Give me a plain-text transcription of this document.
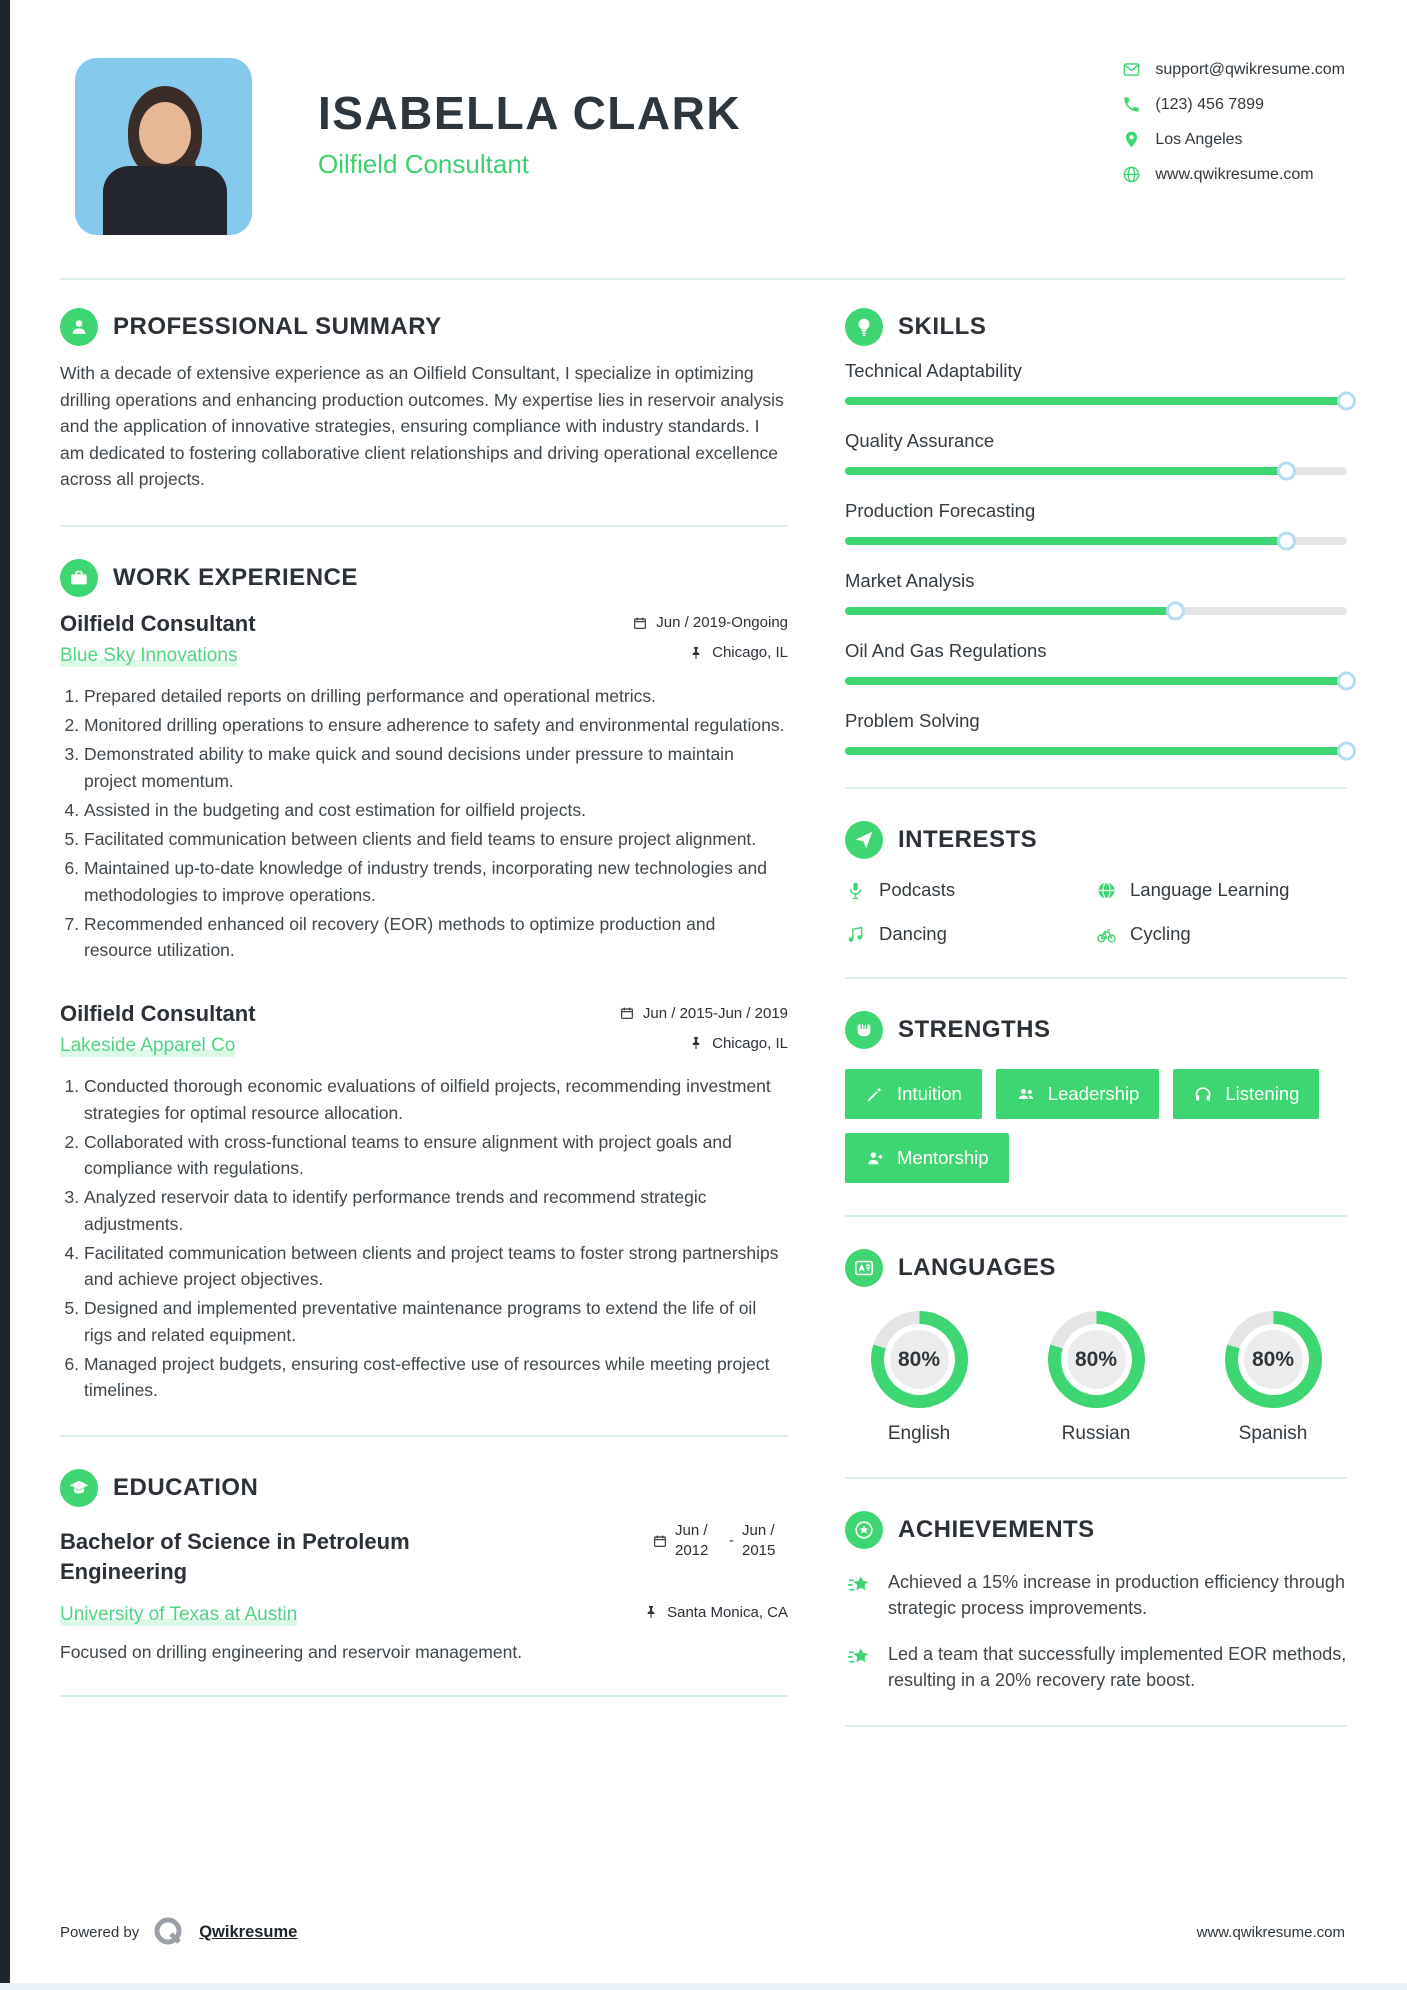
ISABELLA CLARK
Oilfield Consultant
support@qwikresume.com
(123) 456 7899
Los Angeles
www.qwikresume.com
PROFESSIONAL SUMMARY

With a decade of extensive experience as an Oilfield Consultant, I specialize in optimizing drilling operations and enhancing production outcomes. My expertise lies in reservoir analysis and the application of innovative strategies, ensuring compliance with industry standards. I am dedicated to fostering collaborative client relationships and driving operational excellence across all projects.

WORK EXPERIENCE
Oilfield Consultant	Jun / 2019-Ongoing
Blue Sky Innovations	Chicago, IL
1. Prepared detailed reports on drilling performance and operational metrics.
2. Monitored drilling operations to ensure adherence to safety and environmental regulations.
3. Demonstrated ability to make quick and sound decisions under pressure to maintain project momentum.
4. Assisted in the budgeting and cost estimation for oilfield projects.
5. Facilitated communication between clients and field teams to ensure project alignment.
6. Maintained up-to-date knowledge of industry trends, incorporating new technologies and methodologies to improve operations.
7. Recommended enhanced oil recovery (EOR) methods to optimize production and resource utilization.
Oilfield Consultant	Jun / 2015-Jun / 2019
Lakeside Apparel Co	Chicago, IL
1. Conducted thorough economic evaluations of oilfield projects, recommending investment strategies for optimal resource allocation.
2. Collaborated with cross-functional teams to ensure alignment with project goals and compliance with regulations.
3. Analyzed reservoir data to identify performance trends and recommend strategic adjustments.
4. Facilitated communication between clients and project teams to foster strong partnerships and achieve project objectives.
5. Designed and implemented preventative maintenance programs to extend the life of oil rigs and related equipment.
6. Managed project budgets, ensuring cost-effective use of resources while meeting project timelines.
EDUCATION
Bachelor of Science in Petroleum Engineering
Jun / 2012
-
Jun / 2015
University of Texas at Austin	Santa Monica, CA
Focused on drilling engineering and reservoir management.
SKILLS
Technical Adaptability
Quality Assurance
Production Forecasting
Market Analysis
Oil And Gas Regulations
Problem Solving
INTERESTS
Podcasts	Language Learning
Dancing	Cycling
STRENGTHS
Intuition	Leadership	Listening
Mentorship
LANGUAGES
80%
English
80%
Russian
80%
Spanish
ACHIEVEMENTS
Achieved a 15% increase in production efficiency through strategic process improvements.
Led a team that successfully implemented EOR methods, resulting in a 20% recovery rate boost.
Powered by	Qwikresume	www.qwikresume.com
